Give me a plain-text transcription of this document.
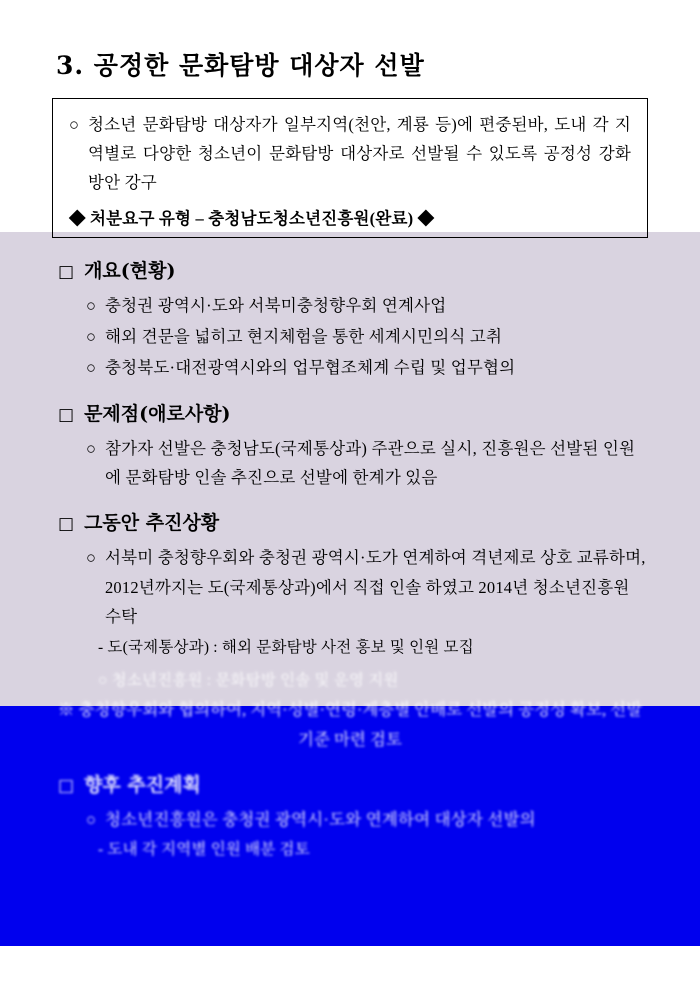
3. 공정한 문화탐방 대상자 선발
○ 청소년 문화탐방 대상자가 일부지역(천안, 계룡 등)에 편중된바, 도내 각 지역별로 다양한 청소년이 문화탐방 대상자로 선발될 수 있도록 공정성 강화 방안 강구
◆ 처분요구 유형 – 충청남도청소년진흥원(완료) ◆
□ 개요(현황)
○ 충청권 광역시·도와 서북미충청향우회 연계사업
○ 해외 견문을 넓히고 현지체험을 통한 세계시민의식 고취
○ 충청북도·대전광역시와의 업무협조체계 수립 및 업무협의
□ 문제점(애로사항)
○ 참가자 선발은 충청남도(국제통상과) 주관으로 실시, 진흥원은 선발된 인원에 문화탐방 인솔 추진으로 선발에 한계가 있음
□ 그동안 추진상황
○ 서북미 충청향우회와 충청권 광역시·도가 연계하여 격년제로 상호 교류하며, 2012년까지는 도(국제통상과)에서 직접 인솔 하였고 2014년 청소년진흥원 수탁
- 도(국제통상과) : 해외 문화탐방 사전 홍보 및 인원 모집
○ 청소년진흥원 : 문화탐방 인솔 및 운영 지원
※ 충청향우회와 협의하여, 지역·성별·연령·계층별 안배로 선발의 공정성 확보, 선발 기준 마련 검토
□ 향후 추진계획
○ 청소년진흥원은 충청권 광역시·도와 연계하여 대상자 선발의
- 도내 각 지역별 인원 배분 검토
